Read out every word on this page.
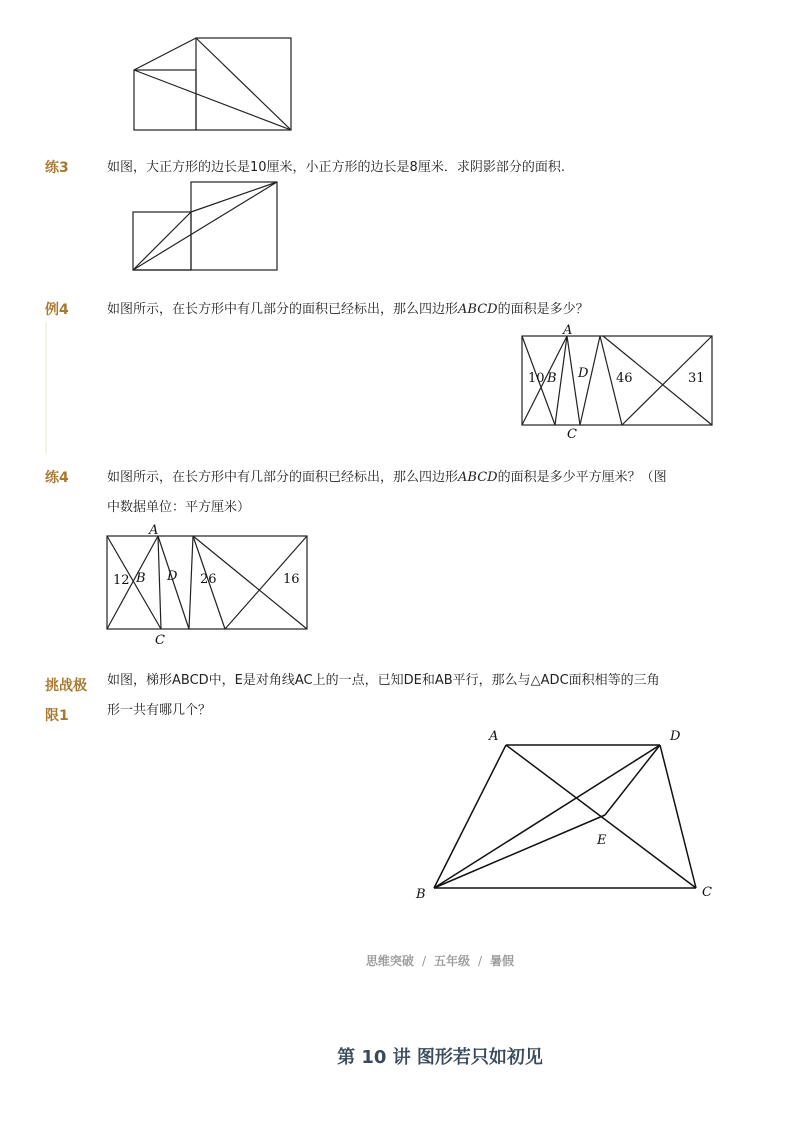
练3	如图，大正方形的边长是10厘米，小正方形的边长是8厘米．求阴影部分的面积.
例4	如图所示，在长方形中有几部分的面积已经标出，那么四边形ABCD的面积是多少？
A
B D
C
10	46	31
练4	如图所示，在长方形中有几部分的面积已经标出，那么四边形ABCD的面积是多少平方厘米？（图
中数据单位：平方厘米）
A
B D
C
12	26	16
挑战极
限1
如图，梯形ABCD中，E是对角线AC上的一点，已知DE和AB平行，那么与△ADC面积相等的三角
形一共有哪几个？
A	D
E
B	C
思维突破 / 五年级 / 暑假
第 10 讲 图形若只如初见
